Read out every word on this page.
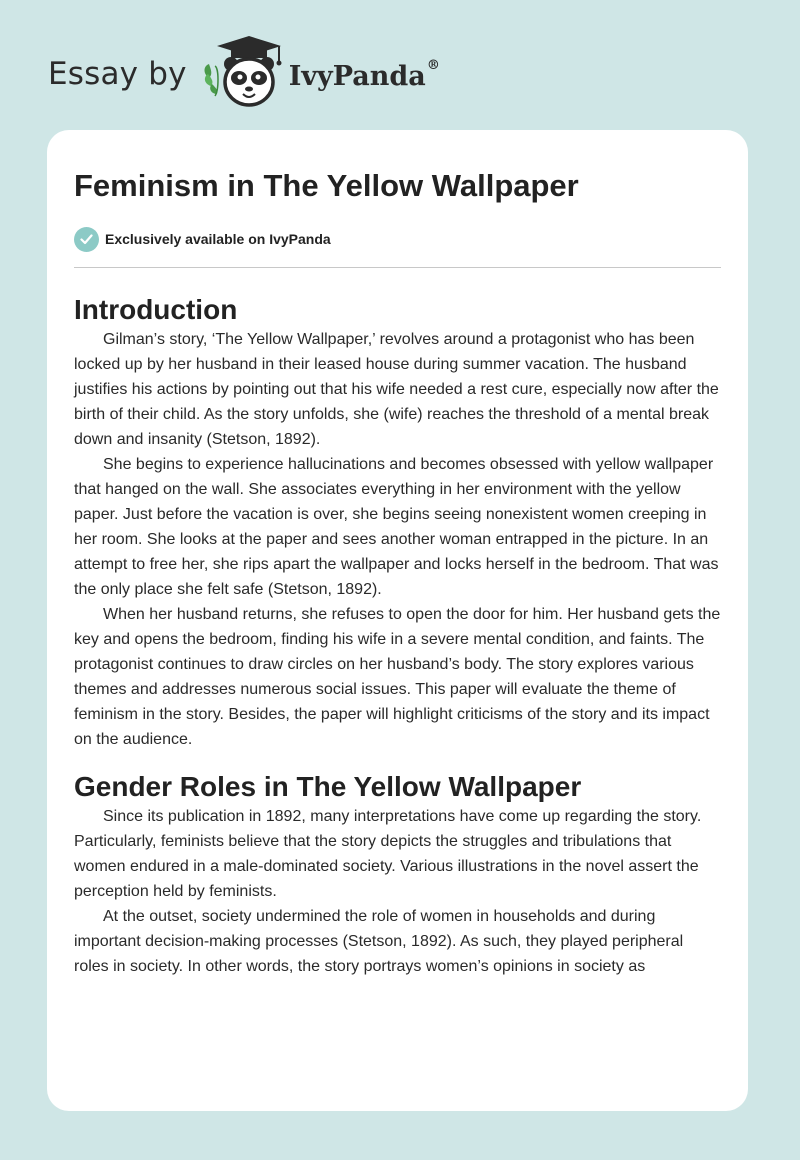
Essay by	IvyPanda®
Feminism in The Yellow Wallpaper
Exclusively available on IvyPanda
Introduction

Gilman’s story, ‘The Yellow Wallpaper,’ revolves around a protagonist who has been locked up by her husband in their leased house during summer vacation. The husband justifies his actions by pointing out that his wife needed a rest cure, especially now after the birth of their child. As the story unfolds, she (wife) reaches the threshold of a mental break down and insanity (Stetson, 1892).

She begins to experience hallucinations and becomes obsessed with yellow wallpaper that hanged on the wall. She associates everything in her environment with the yellow paper. Just before the vacation is over, she begins seeing nonexistent women creeping in her room. She looks at the paper and sees another woman entrapped in the picture. In an attempt to free her, she rips apart the wallpaper and locks herself in the bedroom. That was the only place she felt safe (Stetson, 1892).

When her husband returns, she refuses to open the door for him. Her husband gets the key and opens the bedroom, finding his wife in a severe mental condition, and faints. The protagonist continues to draw circles on her husband’s body. The story explores various themes and addresses numerous social issues. This paper will evaluate the theme of feminism in the story. Besides, the paper will highlight criticisms of the story and its impact on the audience.

Gender Roles in The Yellow Wallpaper

Since its publication in 1892, many interpretations have come up regarding the story. Particularly, feminists believe that the story depicts the struggles and tribulations that women endured in a male-dominated society. Various illustrations in the novel assert the perception held by feminists.

At the outset, society undermined the role of women in households and during important decision-making processes (Stetson, 1892). As such, they played peripheral roles in society. In other words, the story portrays women’s opinions in society as
